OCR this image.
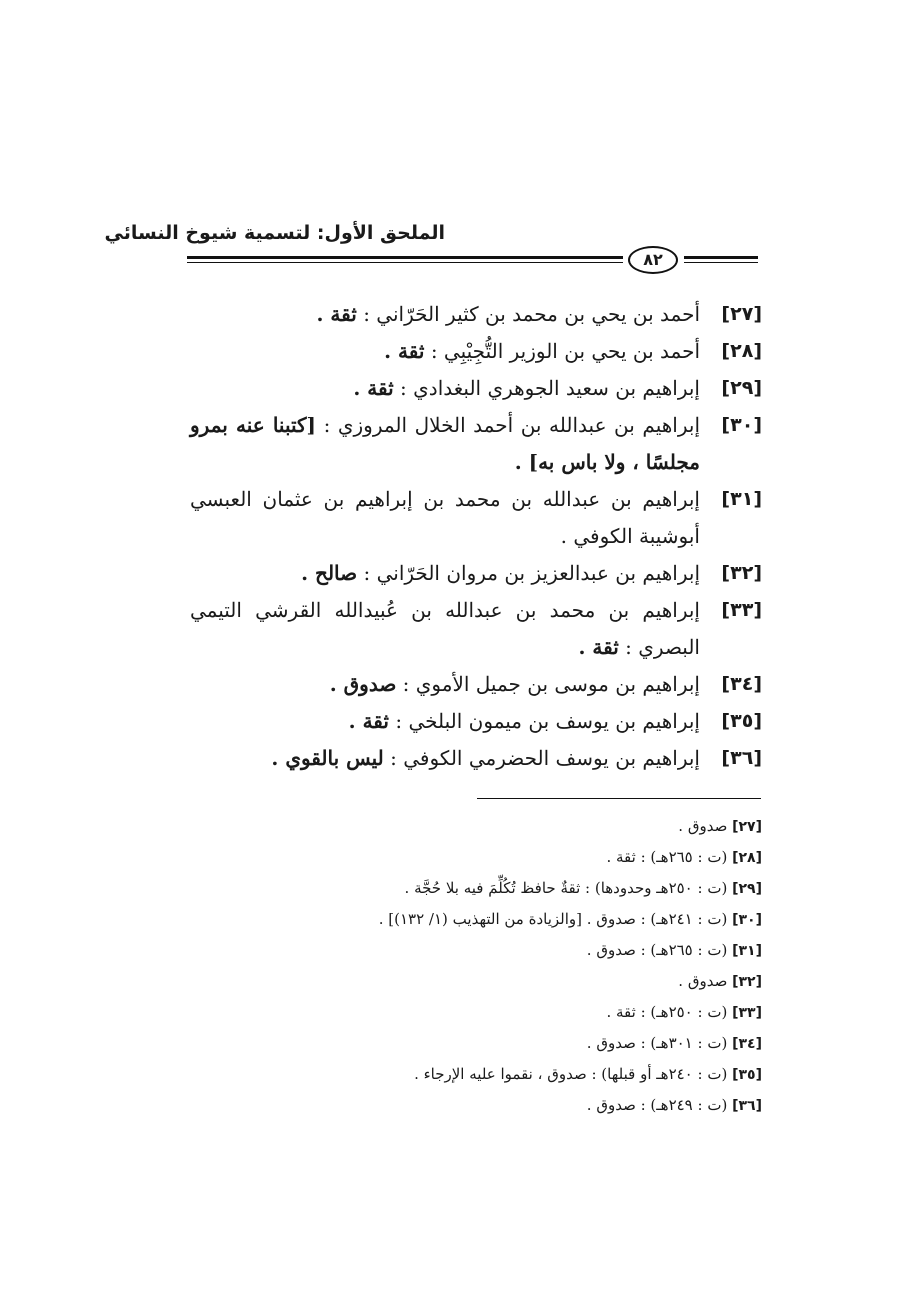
الملحق الأول: لتسمية شيوخ النسائي
٨٢
[٢٧]
أحمد بن يحي بن محمد بن كثير الحَرّاني : ثقة .
[٢٨]
أحمد بن يحي بن الوزير التُّجِيْبِي : ثقة .
[٢٩]
إبراهيم بن سعيد الجوهري البغدادي : ثقة .
[٣٠]
إبراهيم بن عبدالله بن أحمد الخلال المروزي : [كتبنا عنه بمرو مجلسًا ، ولا باس به] .
[٣١]
إبراهيم بن عبدالله بن محمد بن إبراهيم بن عثمان العبسي أبوشيبة الكوفي .
[٣٢]
إبراهيم بن عبدالعزيز بن مروان الحَرّاني : صالح .
[٣٣]
إبراهيم بن محمد بن عبدالله بن عُبيدالله القرشي التيمي البصري : ثقة .
[٣٤]
إبراهيم بن موسى بن جميل الأموي : صدوق .
[٣٥]
إبراهيم بن يوسف بن ميمون البلخي : ثقة .
[٣٦]
إبراهيم بن يوسف الحضرمي الكوفي : ليس بالقوي .
[٢٧] صدوق .
[٢٨] (ت : ٢٦٥هـ) : ثقة .
[٢٩] (ت : ٢٥٠هـ وحدودها) : ثقةٌ حافظ تُكُلِّمَ فيه بلا حُجَّة .
[٣٠] (ت : ٢٤١هـ) : صدوق . [والزيادة من التهذيب (١/ ١٣٢)] .
[٣١] (ت : ٢٦٥هـ) : صدوق .
[٣٢] صدوق .
[٣٣] (ت : ٢٥٠هـ) : ثقة .
[٣٤] (ت : ٣٠١هـ) : صدوق .
[٣٥] (ت : ٢٤٠هـ أو قبلها) : صدوق ، نقموا عليه الإرجاء .
[٣٦] (ت : ٢٤٩هـ) : صدوق .
